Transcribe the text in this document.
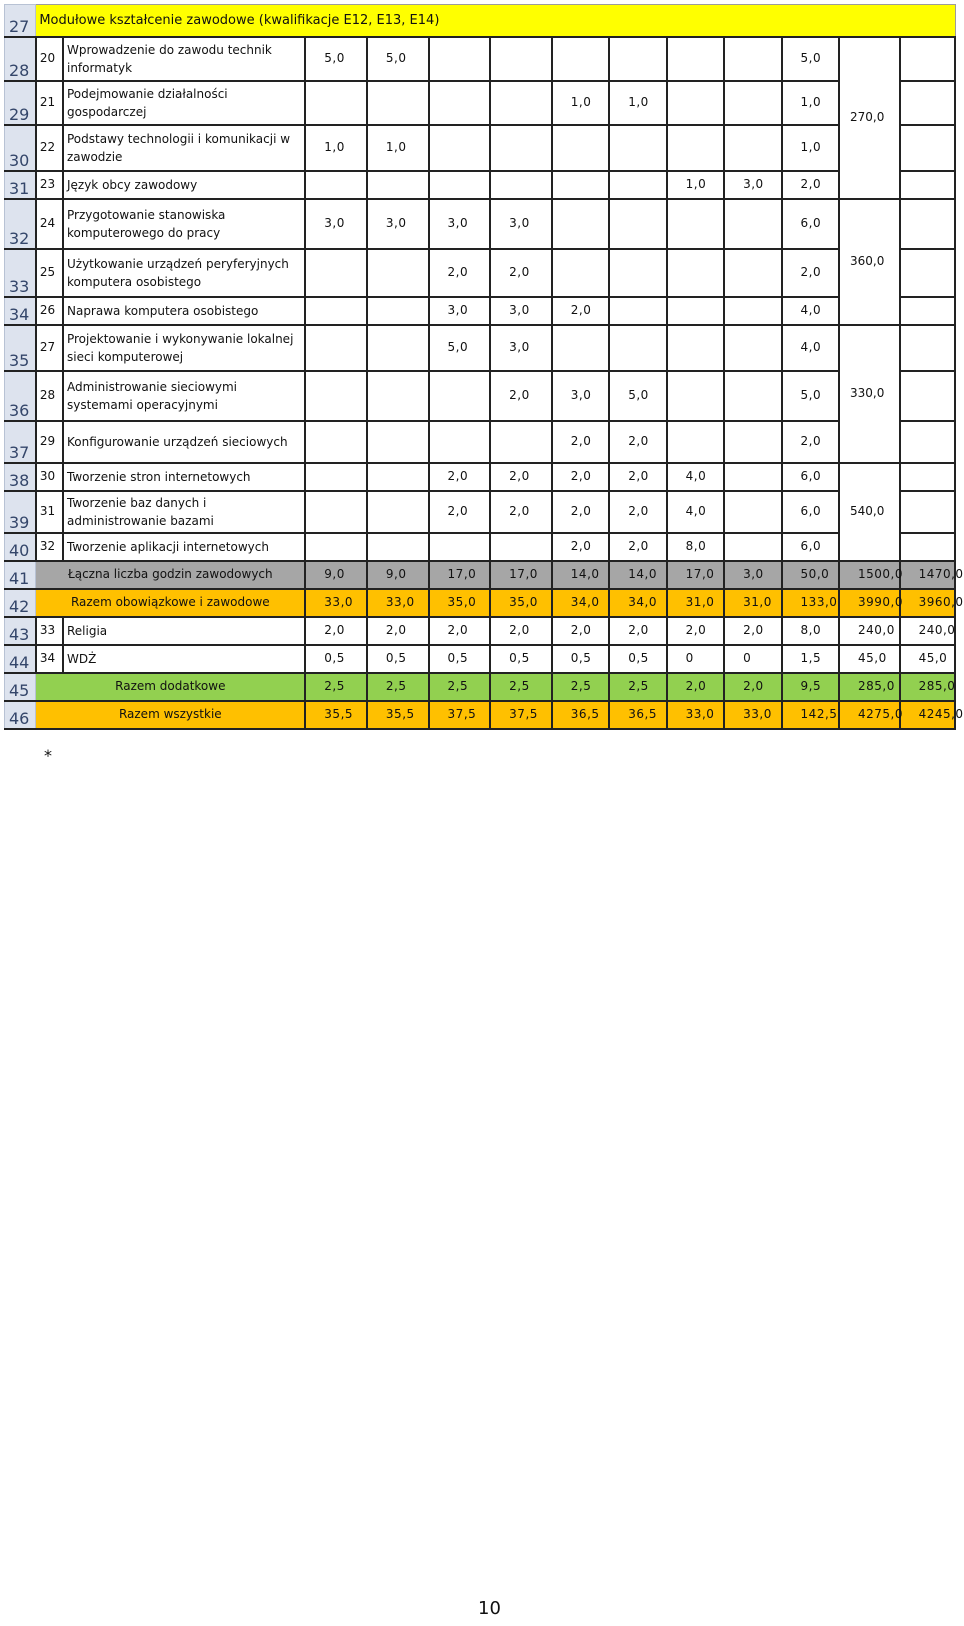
27	Modułowe kształcenie zawodowe (kwalifikacje E12, E13, E14)												
28	20	Wprowadzenie do zawodu technik informatyk	5,0	5,0							5,0	270,0	
29	21	Podejmowanie działalności gospodarczej					1,0	1,0			1,0		
30	22	Podstawy technologii i komunikacji w zawodzie	1,0	1,0							1,0		
31	23	Język obcy zawodowy							1,0	3,0	2,0		
32	24	Przygotowanie stanowiska komputerowego do pracy	3,0	3,0	3,0	3,0					6,0	360,0	
33	25	Użytkowanie urządzeń peryferyjnych komputera osobistego			2,0	2,0					2,0		
34	26	Naprawa komputera osobistego			3,0	3,0	2,0				4,0		
35	27	Projektowanie i wykonywanie lokalnej sieci komputerowej			5,0	3,0					4,0	330,0	
36	28	Administrowanie sieciowymi systemami operacyjnymi				2,0	3,0	5,0			5,0		
37	29	Konfigurowanie urządzeń sieciowych					2,0	2,0			2,0		
38	30	Tworzenie stron internetowych			2,0	2,0	2,0	2,0	4,0		6,0	540,0	
39	31	Tworzenie baz danych i administrowanie bazami			2,0	2,0	2,0	2,0	4,0		6,0		
40	32	Tworzenie aplikacji internetowych					2,0	2,0	8,0		6,0		
41	Łączna liczba godzin zawodowych		9,0	9,0	17,0	17,0	14,0	14,0	17,0	3,0	50,0	1500,0	1470,0
42	Razem obowiązkowe i zawodowe		33,0	33,0	35,0	35,0	34,0	34,0	31,0	31,0	133,0	3990,0	3960,0
43	33	Religia	2,0	2,0	2,0	2,0	2,0	2,0	2,0	2,0	8,0	240,0	240,0
44	34	WDŻ	0,5	0,5	0,5	0,5	0,5	0,5	0	0	1,5	45,0	45,0
45	Razem dodatkowe		2,5	2,5	2,5	2,5	2,5	2,5	2,0	2,0	9,5	285,0	285,0
46	Razem wszystkie		35,5	35,5	37,5	37,5	36,5	36,5	33,0	33,0	142,5	4275,0	4245,0
*
10
